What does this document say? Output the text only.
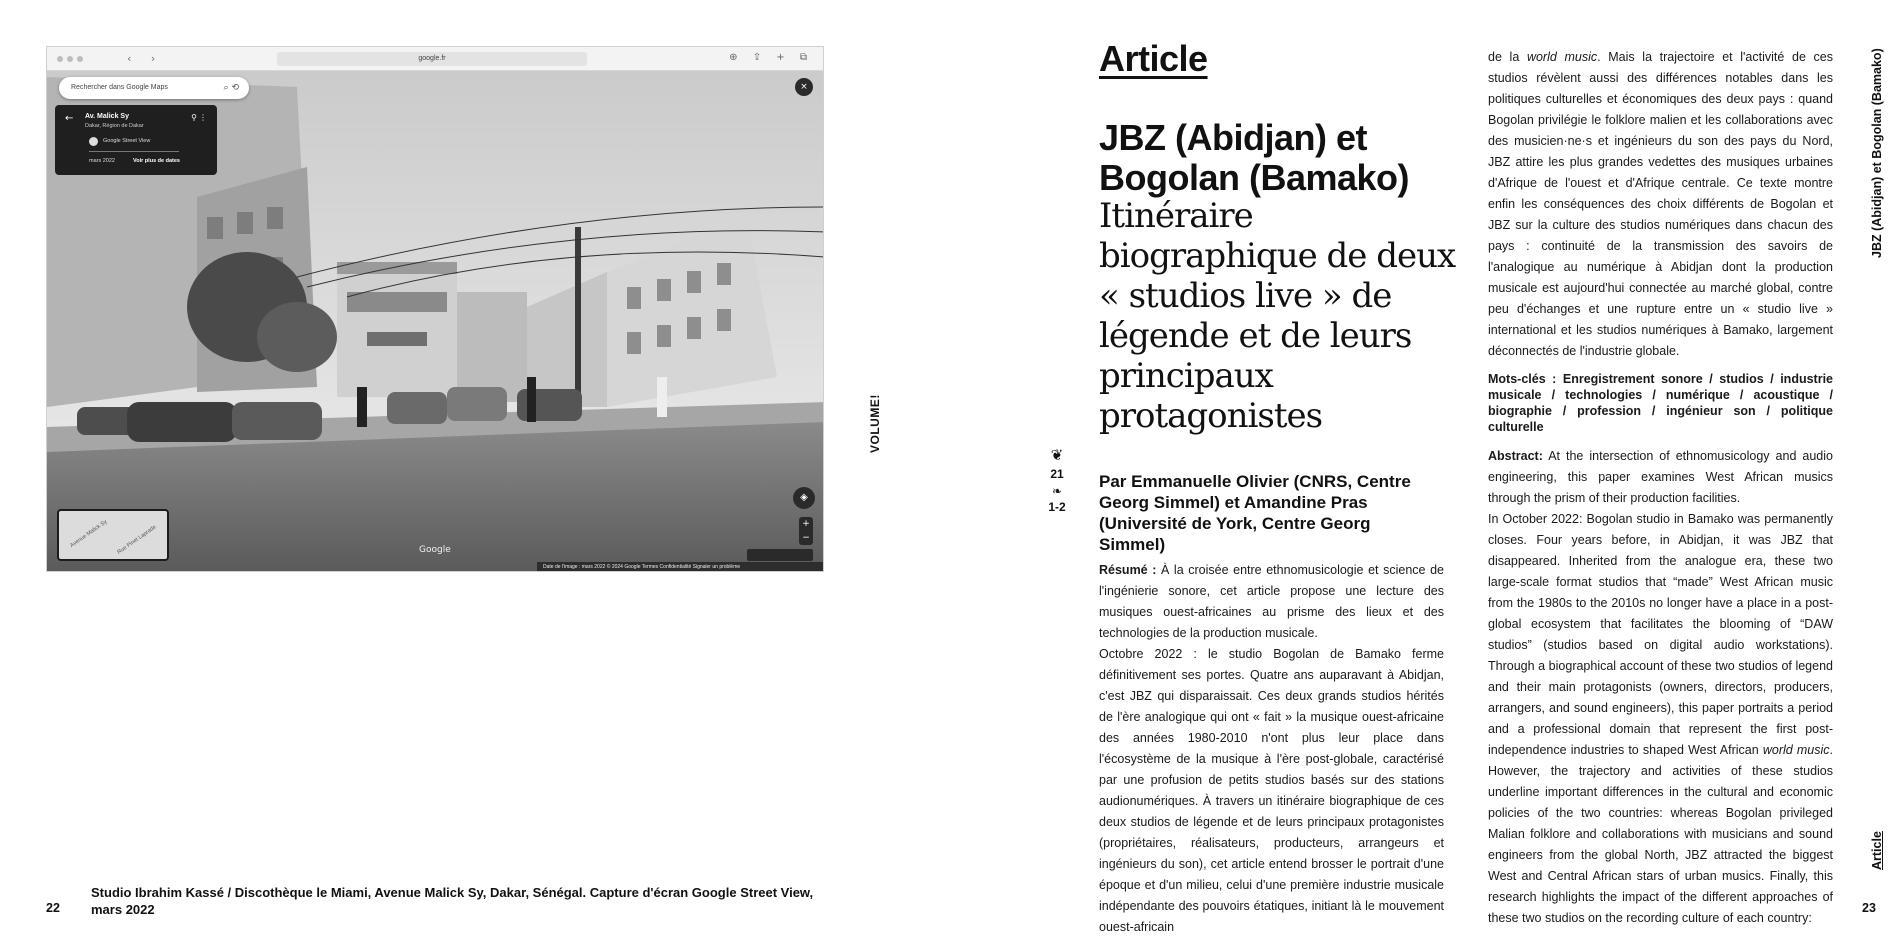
‹ ›	google.fr	⊕ ⇪ + ⧉
Rechercher dans Google Maps	⌕ ⟲	×
← Av. Malick Sy
Dakar, Région de Dakar
⚲ ⋮
Google Street View
mars 2022	Voir plus de dates
Avenue Malick Sy Rue Pinet Laprade
◈
+
−
Google
Date de l'image : mars 2022 © 2024 Google Termes Confidentialité Signaler un problème
VOLUME!
Studio Ibrahim Kassé / Discothèque le Miami, Avenue Malick Sy, Dakar, Sénégal. Capture d'écran Google Street View, mars 2022
22
❦
21
❧
1-2
Article
JBZ (Abidjan) et Bogolan (Bamako)
Itinéraire biographique de deux « studios live » de légende et de leurs principaux protagonistes
Par Emmanuelle Olivier (CNRS, Centre Georg Simmel) et Amandine Pras (Université de York, Centre Georg Simmel)

Résumé : À la croisée entre ethnomusicologie et science de l'ingénierie sonore, cet article propose une lecture des musiques ouest-africaines au prisme des lieux et des technologies de la production musicale.

Octobre 2022 : le studio Bogolan de Bamako ferme définitivement ses portes. Quatre ans auparavant à Abidjan, c'est JBZ qui disparaissait. Ces deux grands studios hérités de l'ère analogique qui ont « fait » la musique ouest-africaine des années 1980-2010 n'ont plus leur place dans l'écosystème de la musique à l'ère post-globale, caractérisé par une profusion de petits studios basés sur des stations audionumériques. À travers un itinéraire biographique de ces deux studios de légende et de leurs principaux protagonistes (propriétaires, réalisateurs, producteurs, arrangeurs et ingénieurs du son), cet article entend brosser le portrait d'une époque et d'un milieu, celui d'une première industrie musicale indépendante des pouvoirs étatiques, initiant là le mouvement ouest-africain

de la world music. Mais la trajectoire et l'activité de ces studios révèlent aussi des différences notables dans les politiques culturelles et économiques des deux pays : quand Bogolan privilégie le folklore malien et les collaborations avec des musicien·ne·s et ingénieurs du son des pays du Nord, JBZ attire les plus grandes vedettes des musiques urbaines d'Afrique de l'ouest et d'Afrique centrale. Ce texte montre enfin les conséquences des choix différents de Bogolan et JBZ sur la culture des studios numériques dans chacun des pays : continuité de la transmission des savoirs de l'analogique au numérique à Abidjan dont la production musicale est aujourd'hui connectée au marché global, contre peu d'échanges et une rupture entre un « studio live » international et les studios numériques à Bamako, largement déconnectés de l'industrie globale.

Mots-clés : Enregistrement sonore / studios / industrie musicale / technologies / numérique / acoustique / biographie / profession / ingénieur son / politique culturelle

Abstract: At the intersection of ethnomusicology and audio engineering, this paper examines West African musics through the prism of their production facilities.

In October 2022: Bogolan studio in Bamako was permanently closes. Four years before, in Abidjan, it was JBZ that disappeared. Inherited from the analogue era, these two large-scale format studios that “made” West African music from the 1980s to the 2010s no longer have a place in a post-global ecosystem that facilitates the blooming of “DAW studios” (studios based on digital audio workstations). Through a biographical account of these two studios of legend and their main protagonists (owners, directors, producers, arrangers, and sound engineers), this paper portraits a period and a professional domain that represent the first post-independence industries to shaped West African world music. However, the trajectory and activities of these studios underline important differences in the cultural and economic policies of the two countries: whereas Bogolan privileged Malian folklore and collaborations with musicians and sound engineers from the global North, JBZ attracted the biggest West and Central African stars of urban musics. Finally, this research highlights the impact of the different approaches of these two studios on the recording culture of each country:

JBZ (Abidjan) et Bogolan (Bamako)
Article
23
